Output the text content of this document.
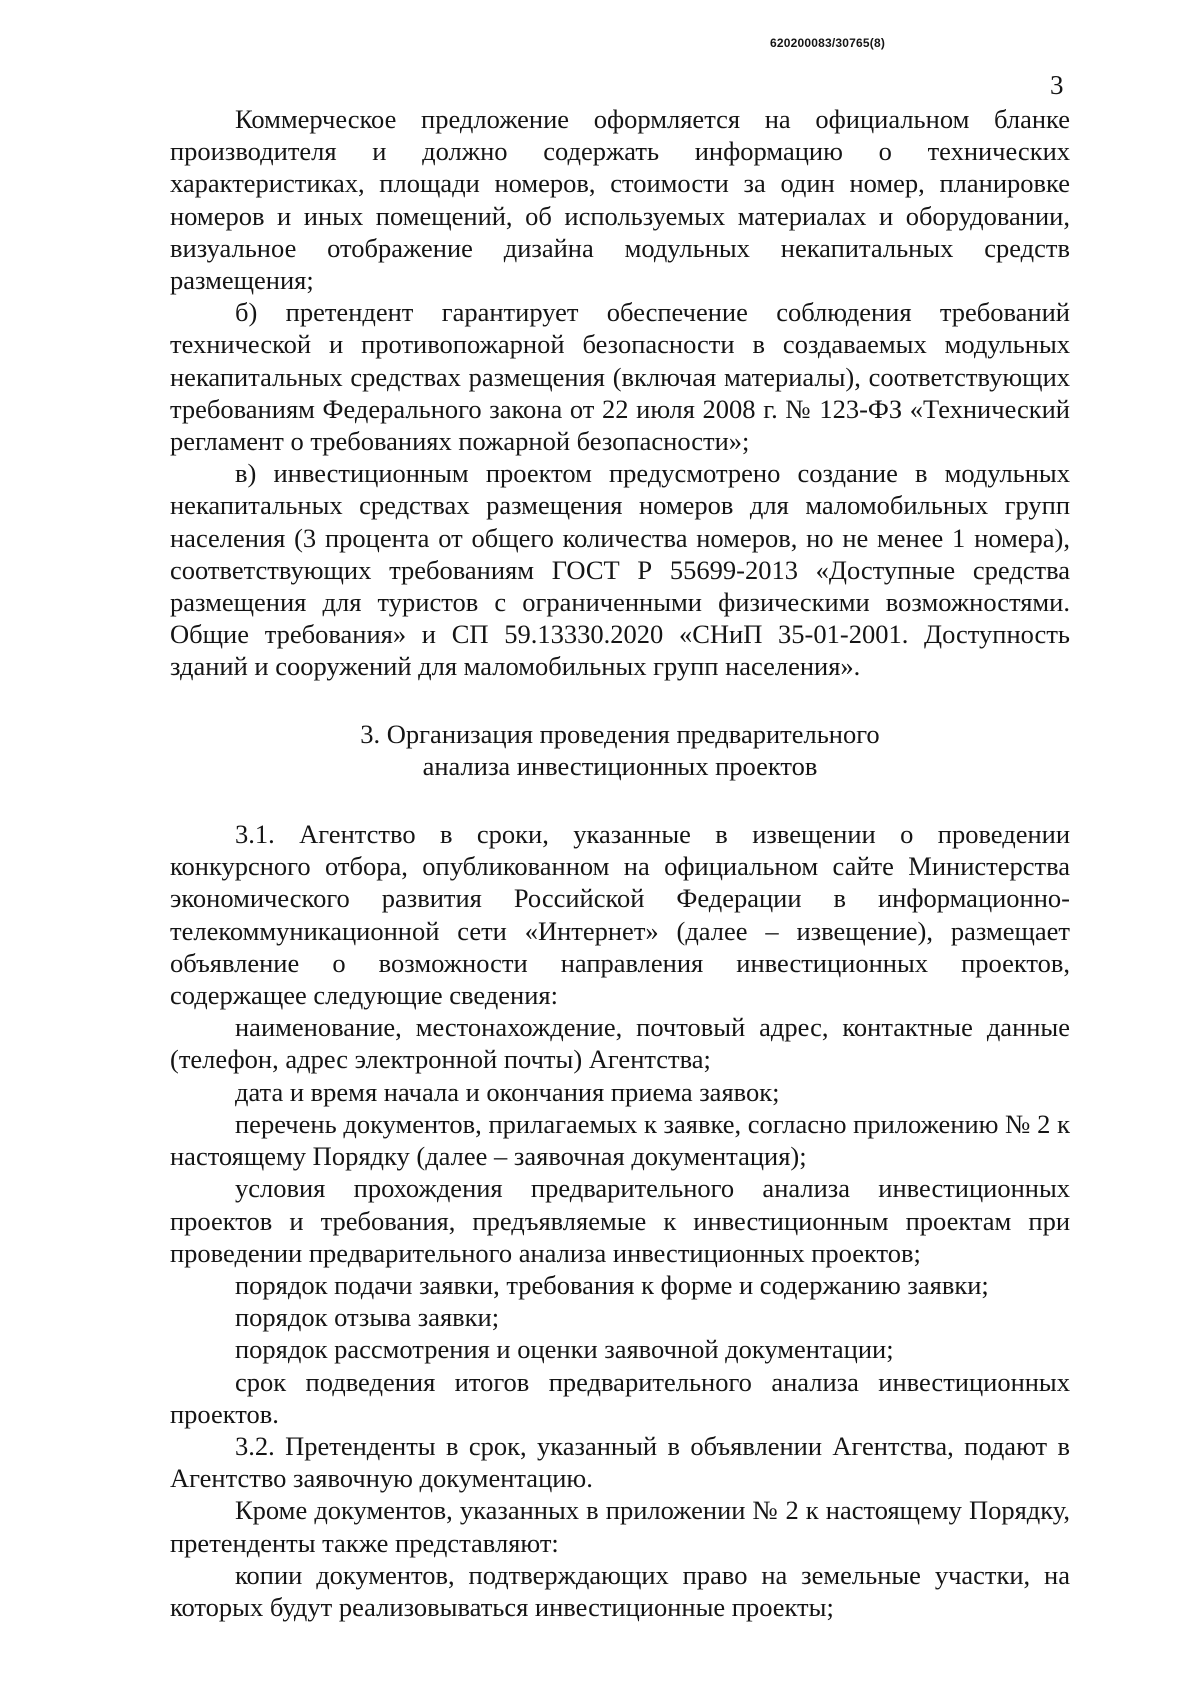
620200083/30765(8)
3

Коммерческое предложение оформляется на официальном бланке производителя и должно содержать информацию о технических характеристиках, площади номеров, стоимости за один номер, планировке номеров и иных помещений, об используемых материалах и оборудовании, визуальное отображение дизайна модульных некапитальных средств размещения;

б) претендент гарантирует обеспечение соблюдения требований технической и противопожарной безопасности в создаваемых модульных некапитальных средствах размещения (включая материалы), соответствующих требованиям Федерального закона от 22 июля 2008 г. № 123-ФЗ «Технический регламент о требованиях пожарной безопасности»;

в) инвестиционным проектом предусмотрено создание в модульных некапитальных средствах размещения номеров для маломобильных групп населения (3 процента от общего количества номеров, но не менее 1 номера), соответствующих требованиям ГОСТ Р 55699-2013 «Доступные средства размещения для туристов с ограниченными физическими возможностями. Общие требования» и СП 59.13330.2020 «СНиП 35-01-2001. Доступность зданий и сооружений для маломобильных групп населения».

3. Организация проведения предварительного

анализа инвестиционных проектов

3.1. Агентство в сроки, указанные в извещении о проведении конкурсного отбора, опубликованном на официальном сайте Министерства экономического развития Российской Федерации в информационно-телекоммуникационной сети «Интернет» (далее – извещение), размещает объявление о возможности направления инвестиционных проектов, содержащее следующие сведения:

наименование, местонахождение, почтовый адрес, контактные данные (телефон, адрес электронной почты) Агентства;

дата и время начала и окончания приема заявок;

перечень документов, прилагаемых к заявке, согласно приложению № 2 к настоящему Порядку (далее – заявочная документация);

условия прохождения предварительного анализа инвестиционных проектов и требования, предъявляемые к инвестиционным проектам при проведении предварительного анализа инвестиционных проектов;

порядок подачи заявки, требования к форме и содержанию заявки;

порядок отзыва заявки;

порядок рассмотрения и оценки заявочной документации;

срок подведения итогов предварительного анализа инвестиционных проектов.

3.2. Претенденты в срок, указанный в объявлении Агентства, подают в Агентство заявочную документацию.

Кроме документов, указанных в приложении № 2 к настоящему Порядку, претенденты также представляют:

копии документов, подтверждающих право на земельные участки, на которых будут реализовываться инвестиционные проекты;
